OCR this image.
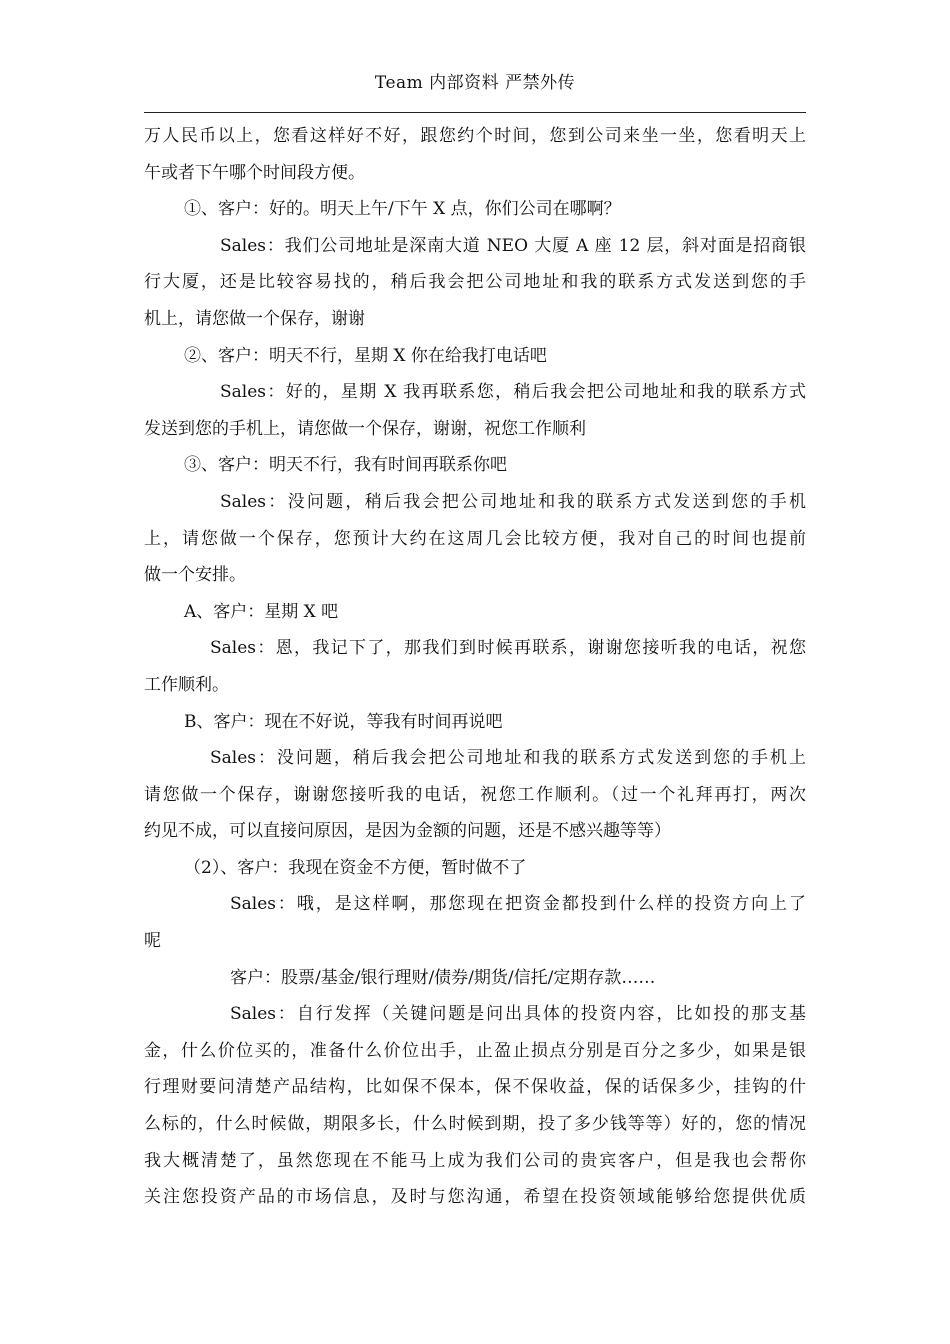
Team 内部资料 严禁外传
万人民币以上，您看这样好不好，跟您约个时间，您到公司来坐一坐，您看明天上
午或者下午哪个时间段方便。
①、客户：好的。明天上午/下午 X 点，你们公司在哪啊？
Sales：我们公司地址是深南大道 NEO 大厦 A 座 12 层，斜对面是招商银
行大厦，还是比较容易找的，稍后我会把公司地址和我的联系方式发送到您的手
机上，请您做一个保存，谢谢
②、客户：明天不行，星期 X 你在给我打电话吧
Sales：好的，星期 X 我再联系您，稍后我会把公司地址和我的联系方式
发送到您的手机上，请您做一个保存，谢谢，祝您工作顺利
③、客户：明天不行，我有时间再联系你吧
Sales：没问题，稍后我会把公司地址和我的联系方式发送到您的手机
上，请您做一个保存，您预计大约在这周几会比较方便，我对自己的时间也提前
做一个安排。
A、客户：星期 X 吧
Sales：恩，我记下了，那我们到时候再联系，谢谢您接听我的电话，祝您
工作顺利。
B、客户：现在不好说，等我有时间再说吧
Sales：没问题，稍后我会把公司地址和我的联系方式发送到您的手机上
请您做一个保存，谢谢您接听我的电话，祝您工作顺利。（过一个礼拜再打，两次
约见不成，可以直接问原因，是因为金额的问题，还是不感兴趣等等）
（2）、客户：我现在资金不方便，暂时做不了
Sales：哦，是这样啊，那您现在把资金都投到什么样的投资方向上了
呢
客户：股票/基金/银行理财/债券/期货/信托/定期存款……
Sales：自行发挥（关键问题是问出具体的投资内容，比如投的那支基
金，什么价位买的，准备什么价位出手，止盈止损点分别是百分之多少，如果是银
行理财要问清楚产品结构，比如保不保本，保不保收益，保的话保多少，挂钩的什
么标的，什么时候做，期限多长，什么时候到期，投了多少钱等等）好的，您的情况
我大概清楚了，虽然您现在不能马上成为我们公司的贵宾客户，但是我也会帮你
关注您投资产品的市场信息，及时与您沟通，希望在投资领域能够给您提供优质
